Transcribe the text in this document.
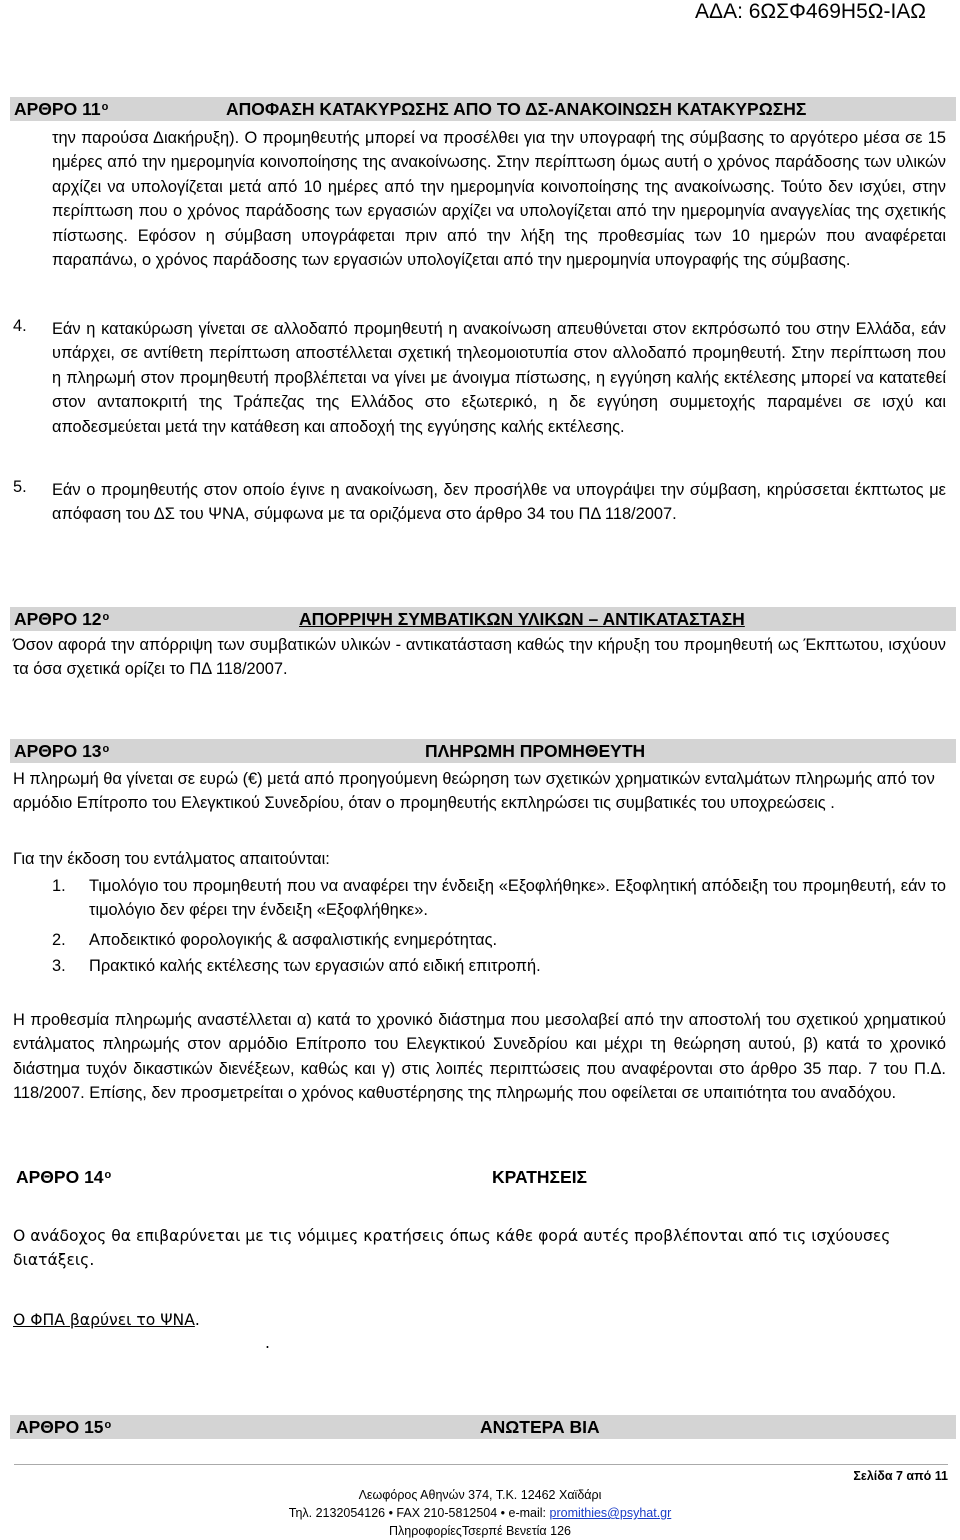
ΑΔΑ: 6ΩΣΦ469Η5Ω-ΙΑΩ
ΑΡΘΡΟ $11^o$	ΑΠΟΦΑΣΗ ΚΑΤΑΚΥΡΩΣΗΣ ΑΠΟ ΤΟ ΔΣ-ΑΝΑΚΟΙΝΩΣΗ ΚΑΤΑΚΥΡΩΣΗΣ
την παρούσα Διακήρυξη). Ο προμηθευτής μπορεί να προσέλθει για την υπογραφή της σύμβασης το αργότερο μέσα σε 15 ημέρες από την ημερομηνία κοινοποίησης της ανακοίνωσης. Στην περίπτωση όμως αυτή ο χρόνος παράδοσης των υλικών αρχίζει να υπολογίζεται μετά από 10 ημέρες από την ημερομηνία κοινοποίησης της ανακοίνωσης. Τούτο δεν ισχύει, στην περίπτωση που ο χρόνος παράδοσης των εργασιών αρχίζει να υπολογίζεται από την ημερομηνία αναγγελίας της σχετικής πίστωσης. Εφόσον η σύμβαση υπογράφεται πριν από την λήξη της προθεσμίας των 10 ημερών που αναφέρεται παραπάνω, ο χρόνος παράδοσης των εργασιών υπολογίζεται από την ημερομηνία υπογραφής της σύμβασης.
4. Εάν η κατακύρωση γίνεται σε αλλοδαπό προμηθευτή η ανακοίνωση απευθύνεται στον εκπρόσωπό του στην Ελλάδα, εάν υπάρχει, σε αντίθετη περίπτωση αποστέλλεται σχετική τηλεομοιοτυπία στον αλλοδαπό προμηθευτή. Στην περίπτωση που η πληρωμή στον προμηθευτή προβλέπεται να γίνει με άνοιγμα πίστωσης, η εγγύηση καλής εκτέλεσης μπορεί να κατατεθεί στον ανταποκριτή της Τράπεζας της Ελλάδος στο εξωτερικό, η δε εγγύηση συμμετοχής παραμένει σε ισχύ και αποδεσμεύεται μετά την κατάθεση και αποδοχή της εγγύησης καλής εκτέλεσης.
5. Εάν ο προμηθευτής στον οποίο έγινε η ανακοίνωση, δεν προσήλθε να υπογράψει την σύμβαση, κηρύσσεται έκπτωτος με απόφαση του ΔΣ του ΨΝΑ, σύμφωνα με τα οριζόμενα στο άρθρο 34 του ΠΔ 118/2007.
ΑΡΘΡΟ $12^o$	ΑΠΟΡΡΙΨΗ ΣΥΜΒΑΤΙΚΩΝ ΥΛΙΚΩΝ – ΑΝΤΙΚΑΤΑΣΤΑΣΗ
Όσον αφορά την απόρριψη των συμβατικών υλικών - αντικατάσταση καθώς την κήρυξη του προμηθευτή ως Έκπτωτου, ισχύουν τα όσα σχετικά ορίζει το ΠΔ 118/2007.
ΑΡΘΡΟ $13^o$	ΠΛΗΡΩΜΗ ΠΡΟΜΗΘΕΥΤΗ
Η πληρωμή θα γίνεται σε ευρώ (€) μετά από προηγούμενη θεώρηση των σχετικών χρηματικών ενταλμάτων πληρωμής από τον αρμόδιο Επίτροπο του Ελεγκτικού Συνεδρίου, όταν ο προμηθευτής εκπληρώσει τις συμβατικές του υποχρεώσεις .
Για την έκδοση του εντάλματος απαιτούνται:
1. Τιμολόγιο του προμηθευτή που να αναφέρει την ένδειξη «Εξοφλήθηκε». Εξοφλητική απόδειξη του προμηθευτή, εάν το τιμολόγιο δεν φέρει την ένδειξη «Εξοφλήθηκε».
2. Αποδεικτικό φορολογικής & ασφαλιστικής ενημερότητας.
3. Πρακτικό καλής εκτέλεσης των εργασιών από ειδική επιτροπή.
Η προθεσμία πληρωμής αναστέλλεται α) κατά το χρονικό διάστημα που μεσολαβεί από την αποστολή του σχετικού χρηματικού εντάλματος πληρωμής στον αρμόδιο Επίτροπο του Ελεγκτικού Συνεδρίου και μέχρι τη θεώρηση αυτού, β) κατά το χρονικό διάστημα τυχόν δικαστικών διενέξεων, καθώς και γ) στις λοιπές περιπτώσεις που αναφέρονται στο άρθρο 35 παρ. 7 του Π.Δ. 118/2007. Επίσης, δεν προσμετρείται ο χρόνος καθυστέρησης της πληρωμής που οφείλεται σε υπαιτιότητα του αναδόχου.
ΑΡΘΡΟ $14^o$	ΚΡΑΤΗΣΕΙΣ
Ο ανάδοχος θα επιβαρύνεται με τις νόμιμες κρατήσεις όπως κάθε φορά αυτές προβλέπονται από τις ισχύουσες διατάξεις.
Ο ΦΠΑ βαρύνει το ΨΝΑ.
.
ΑΡΘΡΟ $15^o$	ΑΝΩΤΕΡΑ ΒΙΑ
Σελίδα 7 από 11
Λεωφόρος Αθηνών 374, Τ.Κ. 12462 Χαϊδάρι
Τηλ. 2132054126 • FAX 210-5812504 • e-mail: promithies@psyhat.gr
ΠληροφορίεςΤσερπέ Βενετία 126
